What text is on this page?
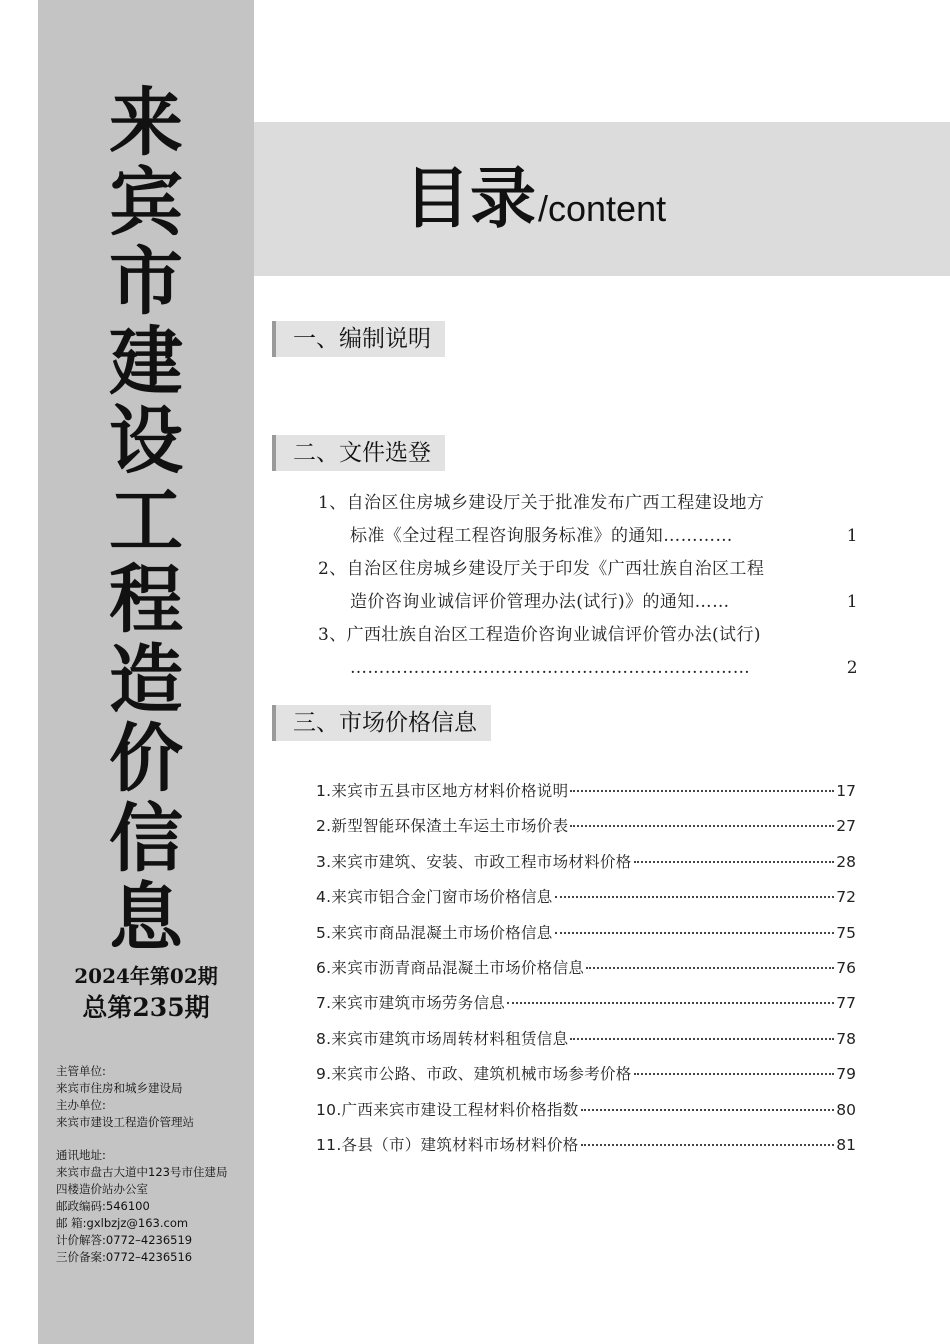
来
宾
市
建
设
工
程
造
价
信
息
2024年第02期
总第235期
主管单位:
来宾市住房和城乡建设局
主办单位:
来宾市建设工程造价管理站
通讯地址:
来宾市盘古大道中123号市住建局
四楼造价站办公室
邮政编码:546100
邮 箱:gxlbzjz@163.com
计价解答:0772–4236519
三价备案:0772–4236516
目录 /content
一、编制说明
二、文件选登
1、自治区住房城乡建设厅关于批准发布广西工程建设地方
标准《全过程工程咨询服务标准》的通知…………	1
2、自治区住房城乡建设厅关于印发《广西壮族自治区工程
造价咨询业诚信评价管理办法(试行)》的通知……	1
3、广西壮族自治区工程造价咨询业诚信评价管办法(试行)
……………………………………………………………	2
三、市场价格信息
1.来宾市五县市区地方材料价格说明	17
2.新型智能环保渣土车运土市场价表	27
3.来宾市建筑、安装、市政工程市场材料价格	28
4.来宾市铝合金门窗市场价格信息	72
5.来宾市商品混凝土市场价格信息	75
6.来宾市沥青商品混凝土市场价格信息	76
7.来宾市建筑市场劳务信息	77
8.来宾市建筑市场周转材料租赁信息	78
9.来宾市公路、市政、建筑机械市场参考价格	79
10.广西来宾市建设工程材料价格指数	80
11.各县（市）建筑材料市场材料价格	81
